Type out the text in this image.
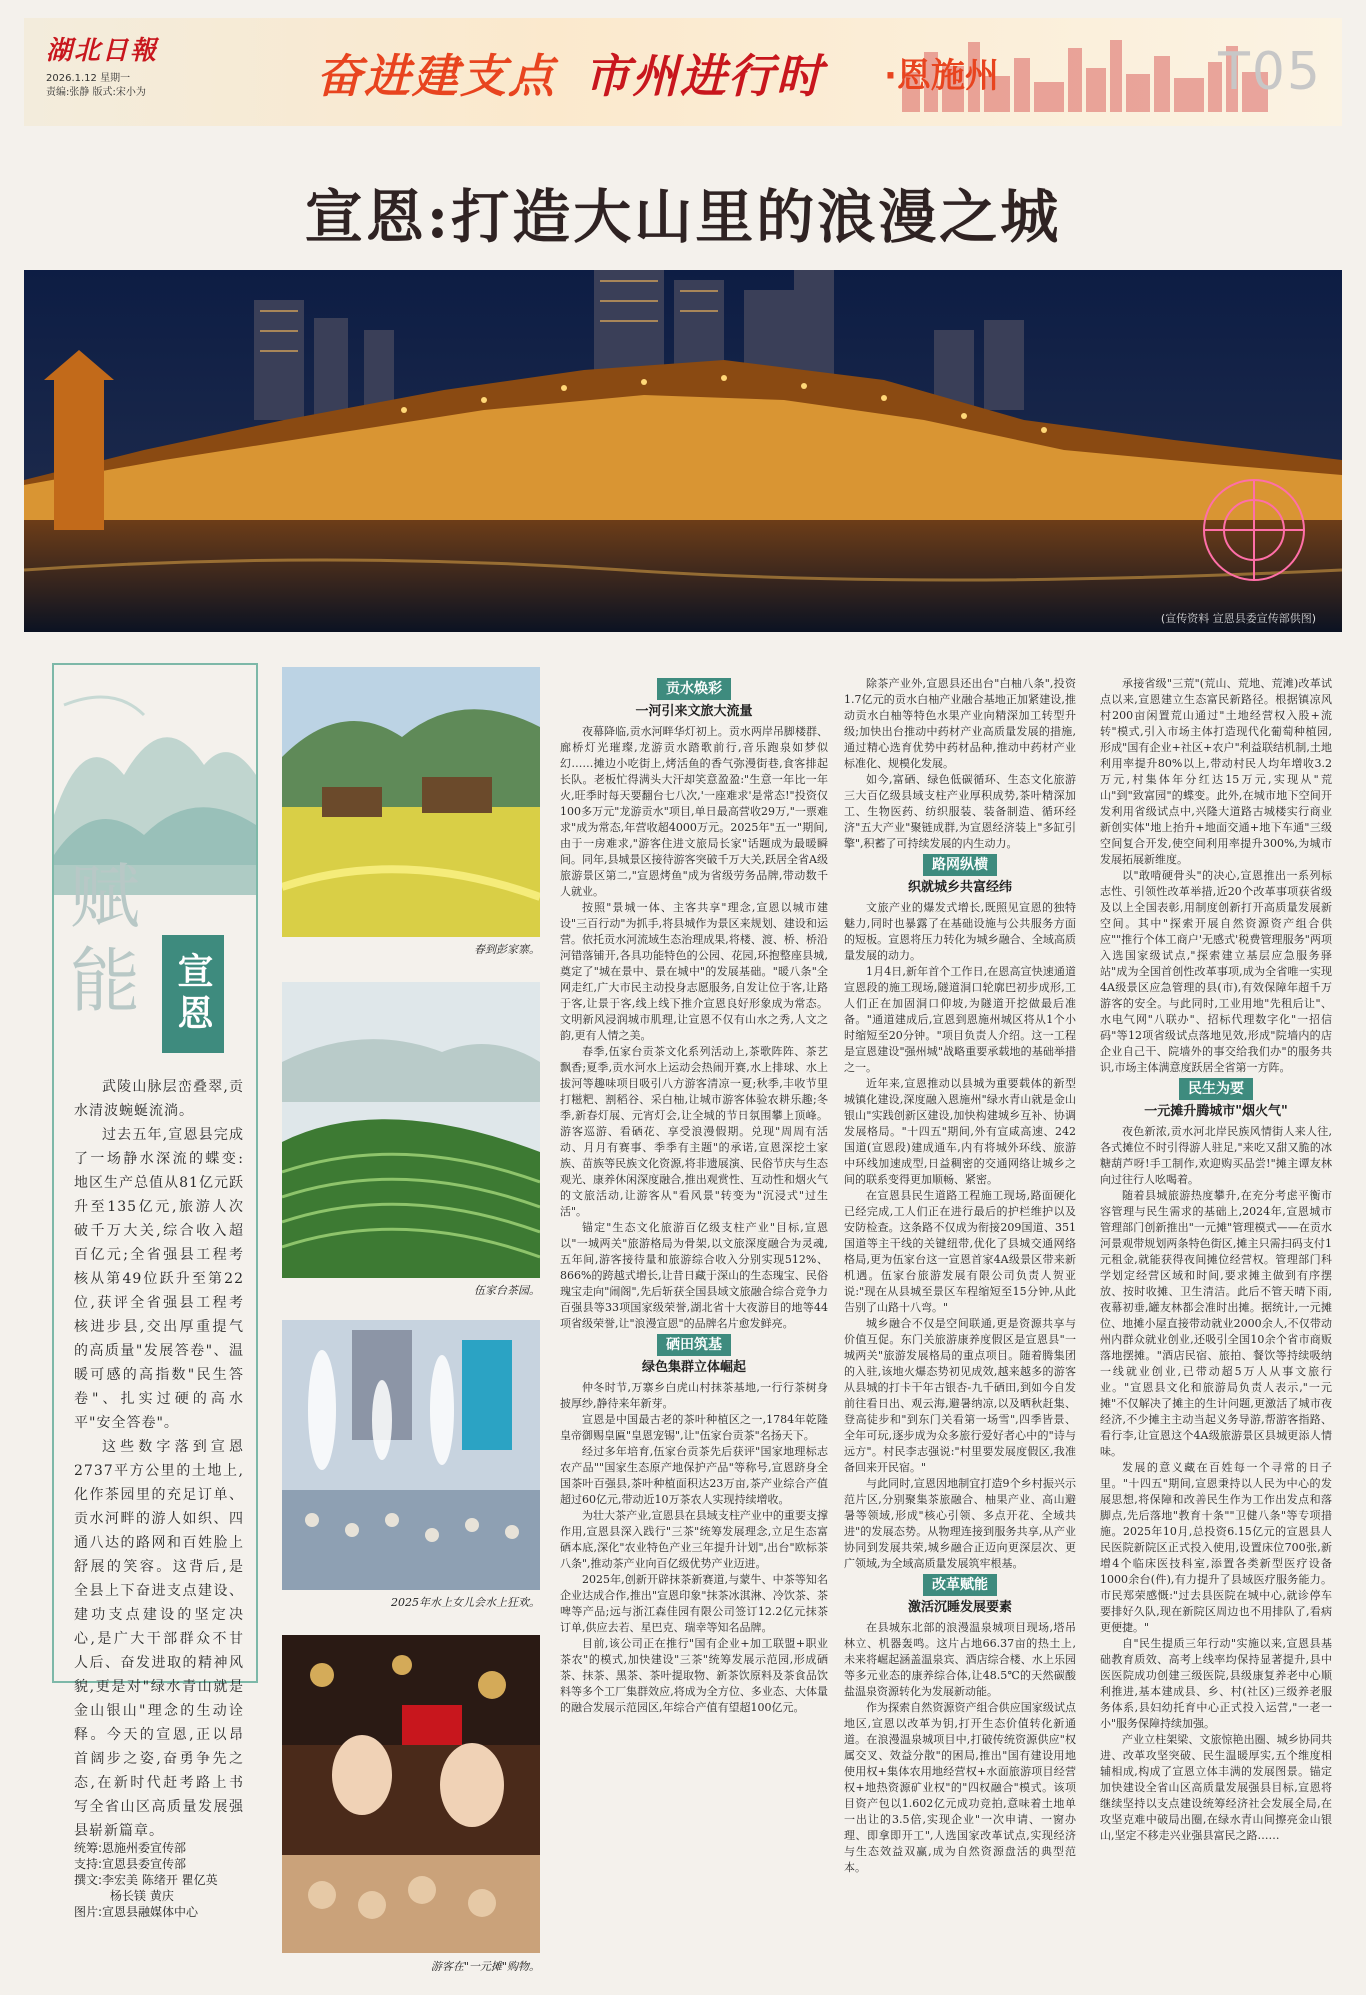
湖北日報
2026.1.12 星期一
责编:张静 版式:宋小为	奋进建支点 市州进行时 ·恩施州	T05
宣恩:打造大山里的浪漫之城
(宣传资料 宣恩县委宣传部供图)
赋能 宣恩

武陵山脉层峦叠翠,贡水清波蜿蜒流淌。

过去五年,宣恩县完成了一场静水深流的蝶变:地区生产总值从81亿元跃升至135亿元,旅游人次破千万大关,综合收入超百亿元;全省强县工程考核从第49位跃升至第22位,获评全省强县工程考核进步县,交出厚重提气的高质量"发展答卷"、温暖可感的高指数"民生答卷"、扎实过硬的高水平"安全答卷"。

这些数字落到宣恩2737平方公里的土地上,化作茶园里的充足订单、贡水河畔的游人如织、四通八达的路网和百姓脸上舒展的笑容。这背后,是全县上下奋进支点建设、建功支点建设的坚定决心,是广大干部群众不甘人后、奋发进取的精神风貌,更是对"绿水青山就是金山银山"理念的生动诠释。今天的宣恩,正以昂首阔步之姿,奋勇争先之态,在新时代赶考路上书写全省山区高质量发展强县崭新篇章。

统筹:恩施州委宣传部
支持:宣恩县委宣传部
撰文:李宏美 陈绪开 瞿亿英
杨长镁 黄庆
图片:宣恩县融媒体中心
春到彭家寨。
伍家台茶园。
2025年水上女儿会水上狂欢。
游客在"一元摊"购物。
贡水焕彩
一河引来文旅大流量

夜幕降临,贡水河畔华灯初上。贡水两岸吊脚楼群、廊桥灯光璀璨,龙游贡水踏歌前行,音乐跑泉如梦似幻……摊边小吃街上,烤活鱼的香气弥漫街巷,食客排起长队。老板忙得满头大汗却笑意盈盈:"生意一年比一年火,旺季时每天要翻台七八次,'一座难求'是常态!"投资仅100多万元"龙游贡水"项目,单日最高营收29万,"一票难求"成为常态,年营收超4000万元。2025年"五一"期间,由于一房难求,"游客住进文旅局长家"话题成为最暖瞬间。同年,县城景区接待游客突破千万大关,跃居全省A级旅游景区第二,"宣恩烤鱼"成为省级劳务品牌,带动数千人就业。

按照"景城一体、主客共享"理念,宣恩以城市建设"三百行动"为抓手,将县城作为景区来规划、建设和运营。依托贡水河流域生态治理成果,将楼、渡、桥、桥沿河错落铺开,各具功能特色的公园、花园,环抱整座县城,奠定了"城在景中、景在城中"的发展基础。"暖八条"全网走红,广大市民主动投身志愿服务,自发让位于客,让路于客,让景于客,线上线下推介宣恩良好形象成为常态。文明新风浸润城市肌理,让宣恩不仅有山水之秀,人文之韵,更有人情之美。

春季,伍家台贡茶文化系列活动上,茶歌阵阵、茶艺飘香;夏季,贡水河水上运动会热闹开赛,水上排球、水上拔河等趣味项目吸引八方游客清凉一夏;秋季,丰收节里打糍粑、割稻谷、采白柚,让城市游客体验农耕乐趣;冬季,新春灯展、元宵灯会,让全城的节日氛围攀上顶峰。游客巡游、看硒花、享受浪漫假期。兑现"周周有活动、月月有赛事、季季有主题"的承诺,宣恩深挖土家族、苗族等民族文化资源,将非遗展演、民俗节庆与生态观光、康养休闲深度融合,推出观赏性、互动性和烟火气的文旅活动,让游客从"看风景"转变为"沉浸式"过生活"。

锚定"生态文化旅游百亿级支柱产业"目标,宣恩以"一城两关"旅游格局为骨架,以文旅深度融合为灵魂,五年间,游客接待量和旅游综合收入分别实现512%、866%的跨越式增长,让昔日藏于深山的生态瑰宝、民俗瑰宝走向"闹阁",先后斩获全国县域文旅融合综合竞争力百强县等33项国家级荣誉,湖北省十大夜游目的地等44项省级荣誉,让"浪漫宣恩"的品牌名片愈发鲜亮。

硒田筑基
绿色集群立体崛起

仲冬时节,万寨乡白虎山村抹茶基地,一行行茶树身披厚纱,静待来年新芽。

宣恩是中国最古老的茶叶种植区之一,1784年乾隆皇帝御赐皇匾"皇恩宠锡",让"伍家台贡茶"名扬天下。

经过多年培育,伍家台贡茶先后获评"国家地理标志农产品""国家生态原产地保护产品"等称号,宣恩跻身全国茶叶百强县,茶叶种植面积达23万亩,茶产业综合产值超过60亿元,带动近10万茶农人实现持续增收。

为壮大茶产业,宣恩县在县域支柱产业中的重要支撑作用,宣恩县深入践行"三茶"统筹发展理念,立足生态富硒本底,深化"农业特色产业三年提升计划",出台"欧标茶八条",推动茶产业向百亿级优势产业迈进。

2025年,创新开辟抹茶新赛道,与蒙牛、中茶等知名企业达成合作,推出"宣恩印象"抹茶冰淇淋、冷饮茶、茶啤等产品;远与浙江森佳园有限公司签订12.2亿元抹茶订单,供应去若、星巴克、瑞幸等知名品牌。

目前,该公司正在推行"国有企业+加工联盟+职业茶农"的模式,加快建设"三茶"统筹发展示范园,形成硒茶、抹茶、黑茶、茶叶提取物、新茶饮原料及茶食品饮料等多个工厂集群效应,将成为全方位、多业态、大体量的融合发展示范园区,年综合产值有望超100亿元。

除茶产业外,宣恩县还出台"白柚八条",投资1.7亿元的贡水白柚产业融合基地正加紧建设,推动贡水白柚等特色水果产业向精深加工转型升级;加快出台推动中药材产业高质量发展的措施,通过精心选育优势中药材品种,推动中药材产业标准化、规模化发展。

如今,富硒、绿色低碳循环、生态文化旅游三大百亿级县域支柱产业厚积成势,茶叶精深加工、生物医药、纺织服装、装备制造、循环经济"五大产业"聚链成群,为宣恩经济装上"多缸引擎",积蓄了可持续发展的内生动力。

路网纵横
织就城乡共富经纬

文旅产业的爆发式增长,既照见宣恩的独特魅力,同时也暴露了在基础设施与公共服务方面的短板。宣恩将压力转化为城乡融合、全域高质量发展的动力。

1月4日,新年首个工作日,在恩高宣快速通道宣恩段的施工现场,隧道洞口轮廓巴初步成形,工人们正在加固洞口仰坡,为隧道开挖做最后准备。"通道建成后,宣恩到恩施州城区将从1个小时缩短至20分钟。"项目负责人介绍。这一工程是宣恩建设"强州城"战略重要承载地的基础举措之一。

近年来,宣恩推动以县城为重要载体的新型城镇化建设,深度融入恩施州"绿水青山就是金山银山"实践创新区建设,加快构建城乡互补、协调发展格局。"十四五"期间,外有宣咸高速、242国道(宣恩段)建成通车,内有将城外环线、旅游中环线加速成型,日益稠密的交通网络让城乡之间的联系变得更加顺畅、紧密。

在宣恩县民生道路工程施工现场,路面硬化已经完成,工人们正在进行最后的护栏维护以及安防检查。这条路不仅成为衔接209国道、351国道等主干线的关键纽带,优化了县城交通网络格局,更为伍家台这一宣恩首家4A级景区带来新机遇。伍家台旅游发展有限公司负责人贺亚说:"现在从县城至景区车程缩短至15分钟,从此告别了山路十八弯。"

城乡融合不仅是空间联通,更是资源共享与价值互促。东门关旅游康养度假区是宣恩县"一城两关"旅游发展格局的重点项目。随着腾集团的入驻,该地火爆态势初见成效,越来越多的游客从县城的打卡干年古银杏-九千硒田,到如今自发前往看日出、观云海,避暑纳凉,以及晒秋赶集、登高徒步和"到东门关看第一场雪",四季皆景、全年可玩,逐步成为众多旅行爱好者心中的"诗与远方"。村民李志强说:"村里要发展度假区,我准备回来开民宿。"

与此同时,宣恩因地制宜打造9个乡村振兴示范片区,分别聚集茶旅融合、柚果产业、高山避暑等领域,形成"核心引领、多点开花、全域共进"的发展态势。从物理连接到服务共享,从产业协同到发展共荣,城乡融合正迈向更深层次、更广领域,为全域高质量发展筑牢根基。

改革赋能
激活沉睡发展要素

在县城东北部的浪漫温泉城项目现场,塔吊林立、机器轰鸣。这片占地66.37亩的热土上,未来将崛起涵盖温泉宾、酒店综合楼、水上乐园等多元业态的康养综合体,让48.5℃的天然碳酸盐温泉资源转化为发展新动能。

作为探索自然资源资产组合供应国家级试点地区,宣恩以改革为钥,打开生态价值转化新通道。在浪漫温泉城项目中,打破传统资源供应"权属交叉、效益分散"的困局,推出"国有建设用地使用权+集体农用地经营权+水面旅游项目经营权+地热资源矿业权"的"四权融合"模式。该项目资产包以1.602亿元成功竞拍,意味着土地单一出让的3.5倍,实现企业"一次申请、一窗办理、即拿即开工",人选国家改革试点,实现经济与生态效益双赢,成为自然资源盘活的典型范本。

承接省级"三荒"(荒山、荒地、荒滩)改革试点以来,宣恩建立生态富民新路径。根据镇凉风村200亩闲置荒山通过"土地经营权入股+流转"模式,引入市场主体打造现代化葡萄种植园,形成"国有企业+社区+农户"利益联结机制,土地利用率提升80%以上,带动村民人均年增收3.2万元,村集体年分红达15万元,实现从"荒山"到"致富园"的蝶变。此外,在城市地下空间开发利用省级试点中,兴隆大道路古城楼实行商业新创实体"地上抬升+地面交通+地下车通"三级空间复合开发,使空间利用率提升300%,为城市发展拓展新维度。

以"敢啃硬骨头"的决心,宣恩推出一系列标志性、引领性改革举措,近20个改革事项获省级及以上全国表彰,用制度创新打开高质量发展新空间。其中"探索开展自然资源资产组合供应""推行个体工商户'无感式'税费管理服务"两项入选国家级试点,"探索建立基层应急服务驿站"成为全国首创性改革事项,成为全省唯一实现4A级景区应急管理的县(市),有效保障年超千万游客的安全。与此同时,工业用地"先租后让"、水电气网"八联办"、招标代理数字化"一招信码"等12项省级试点落地见效,形成"院墙内的店企业自己干、院墙外的事交给我们办"的服务共识,市场主体满意度跃居全省第一方阵。

民生为要
一元摊升腾城市"烟火气"

夜色新浓,贡水河北岸民族风情街人来人往,各式摊位不时引得游人驻足,"来吃又甜又脆的冰糖葫芦呀!手工制作,欢迎购买品尝!"摊主谭友林向过往行人吆喝着。

随着县城旅游热度攀升,在充分考虑平衡市容管理与民生需求的基础上,2024年,宣恩城市管理部门创新推出"一元摊"管理模式——在贡水河景观带规划两条特色街区,摊主只需扫码支付1元租金,就能获得夜间摊位经营权。管理部门科学划定经营区域和时间,要求摊主做到有序摆放、按时收摊、卫生清洁。此后不管天晴下雨,夜幕初垂,罐友林都会准时出摊。据统计,一元摊位、地摊小屋直接带动就业2000余人,不仅带动州内群众就业创业,还吸引全国10余个省市商贩落地摆摊。"酒店民宿、旅拍、餐饮等持续吸纳一线就业创业,已带动超5万人从事文旅行业。"宣恩县文化和旅游局负责人表示,"一元摊"不仅解决了摊主的生计问题,更激活了城市夜经济,不少摊主主动当起义务导游,帮游客指路、看行李,让宣恩这个4A级旅游景区县城更添人情味。

发展的意义藏在百姓每一个寻常的日子里。"十四五"期间,宣恩秉持以人民为中心的发展思想,将保障和改善民生作为工作出发点和落脚点,先后落地"教育十条""卫健八条"等专项措施。2025年10月,总投资6.15亿元的宣恩县人民医院新院区正式投入使用,设置床位700张,新增4个临床医技科室,添置各类新型医疗设备1000余台(件),有力提升了县域医疗服务能力。市民郑荣感慨:"过去县医院在城中心,就诊停车要排好久队,现在新院区周边也不用排队了,看病更便捷。"

自"民生提质三年行动"实施以来,宣恩县基础教育质效、高考上线率均保持显著提升,县中医医院成功创建三级医院,县级康复养老中心顺利推进,基本建成县、乡、村(社区)三级养老服务体系,县妇幼托育中心正式投入运营,"一老一小"服务保障持续加强。

产业立柱架梁、文旅惊艳出圈、城乡协同共进、改革攻坚突破、民生温暖厚实,五个维度相辅相成,构成了宣恩立体丰满的发展图景。锚定加快建设全省山区高质量发展强县目标,宣恩将继续坚持以支点建设统筹经济社会发展全局,在攻坚克难中破局出圈,在绿水青山间擦亮金山银山,坚定不移走兴业强县富民之路……
